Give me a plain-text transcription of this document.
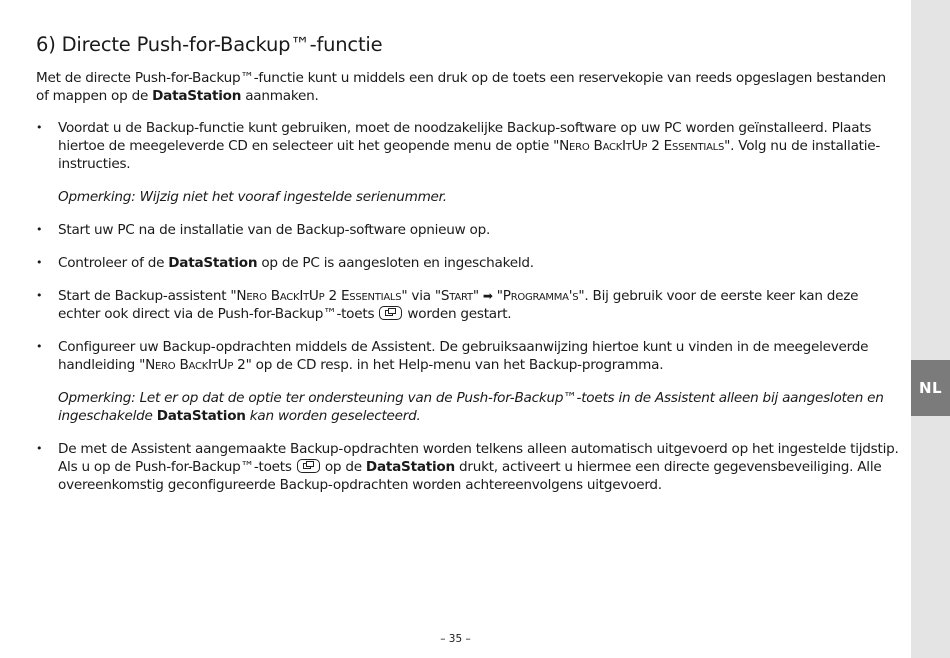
NL
6) Directe Push-for-Backup™-functie

Met de directe Push-for-Backup™-functie kunt u middels een druk op de toets een reservekopie van reeds opgeslagen bestanden of mappen op de DataStation aanmaken.

• Voordat u de Backup-functie kunt gebruiken, moet de noodzakelijke Backup-software op uw PC worden geïnstalleerd. Plaats hiertoe de meegeleverde CD en selecteer uit het geopende menu de optie "Nero BackItUp 2 Essentials". Volg nu de installatie-instructies.

Opmerking: Wijzig niet het vooraf ingestelde serienummer.

• Start uw PC na de installatie van de Backup-software opnieuw op.
• Controleer of de DataStation op de PC is aangesloten en ingeschakeld.
• Start de Backup-assistent "Nero BackItUp 2 Essentials" via "Start" ➡ "Programma's". Bij gebruik voor de eerste keer kan deze echter ook direct via de Push-for-Backup™-toets  worden gestart.
• Configureer uw Backup-opdrachten middels de Assistent. De gebruiksaanwijzing hiertoe kunt u vinden in de meegeleverde handleiding "Nero BackItUp 2" op de CD resp. in het Help-menu van het Backup-programma.

Opmerking: Let er op dat de optie ter ondersteuning van de Push-for-Backup™-toets in de Assistent alleen bij aangesloten en ingeschakelde DataStation kan worden geselecteerd.

• De met de Assistent aangemaakte Backup-opdrachten worden telkens alleen automatisch uitgevoerd op het ingestelde tijdstip. Als u op de Push-for-Backup™-toets  op de DataStation drukt, activeert u hiermee een directe gegevensbeveiliging. Alle overeenkomstig geconfigureerde Backup-opdrachten worden achtereenvolgens uitgevoerd.
– 35 –
